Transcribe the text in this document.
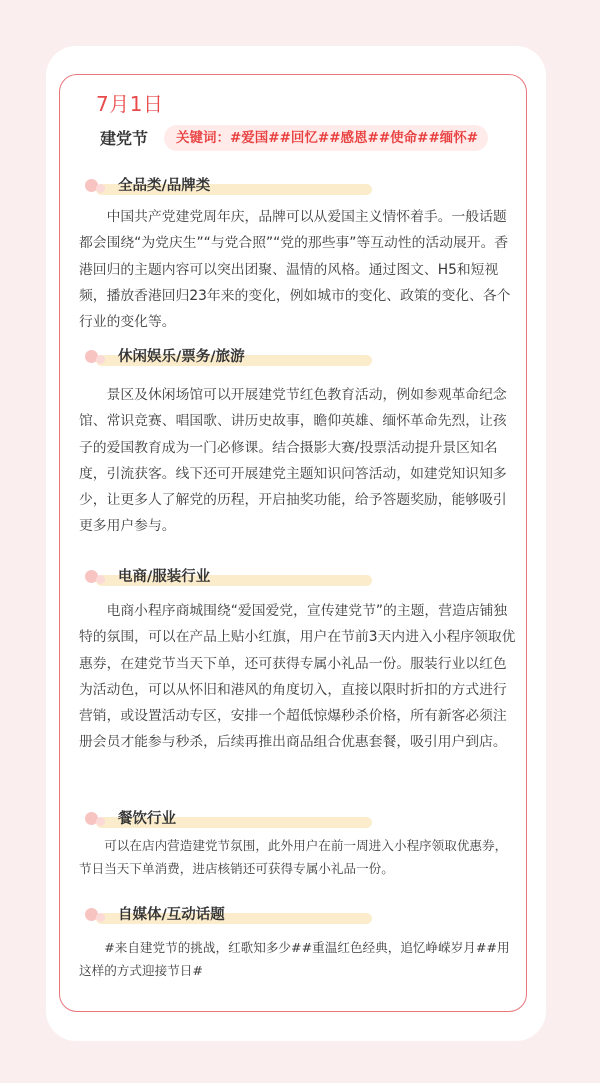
7月1日
建党节	关键词：#爱国##回忆##感恩##使命##缅怀#
全品类/品牌类

　　中国共产党建党周年庆，品牌可以从爱国主义情怀着手。一般话题都会围绕“为党庆生”“与党合照”“党的那些事”等互动性的活动展开。香港回归的主题内容可以突出团聚、温情的风格。通过图文、H5和短视频，播放香港回归23年来的变化，例如城市的变化、政策的变化、各个行业的变化等。

休闲娱乐/票务/旅游

　　景区及休闲场馆可以开展建党节红色教育活动，例如参观革命纪念馆、常识竞赛、唱国歌、讲历史故事，瞻仰英雄、缅怀革命先烈，让孩子的爱国教育成为一门必修课。结合摄影大赛/投票活动提升景区知名度，引流获客。线下还可开展建党主题知识问答活动，如建党知识知多少，让更多人了解党的历程，开启抽奖功能，给予答题奖励，能够吸引更多用户参与。

电商/服装行业

　　电商小程序商城围绕“爱国爱党，宣传建党节”的主题，营造店铺独特的氛围，可以在产品上贴小红旗，用户在节前3天内进入小程序领取优惠券，在建党节当天下单，还可获得专属小礼品一份。服装行业以红色为活动色，可以从怀旧和港风的角度切入，直接以限时折扣的方式进行营销，或设置活动专区，安排一个超低惊爆秒杀价格，所有新客必须注册会员才能参与秒杀，后续再推出商品组合优惠套餐，吸引用户到店。

餐饮行业

　　可以在店内营造建党节氛围，此外用户在前一周进入小程序领取优惠券，节日当天下单消费，进店核销还可获得专属小礼品一份。

自媒体/互动话题

　　#来自建党节的挑战，红歌知多少##重温红色经典，追忆峥嵘岁月##用这样的方式迎接节日#
